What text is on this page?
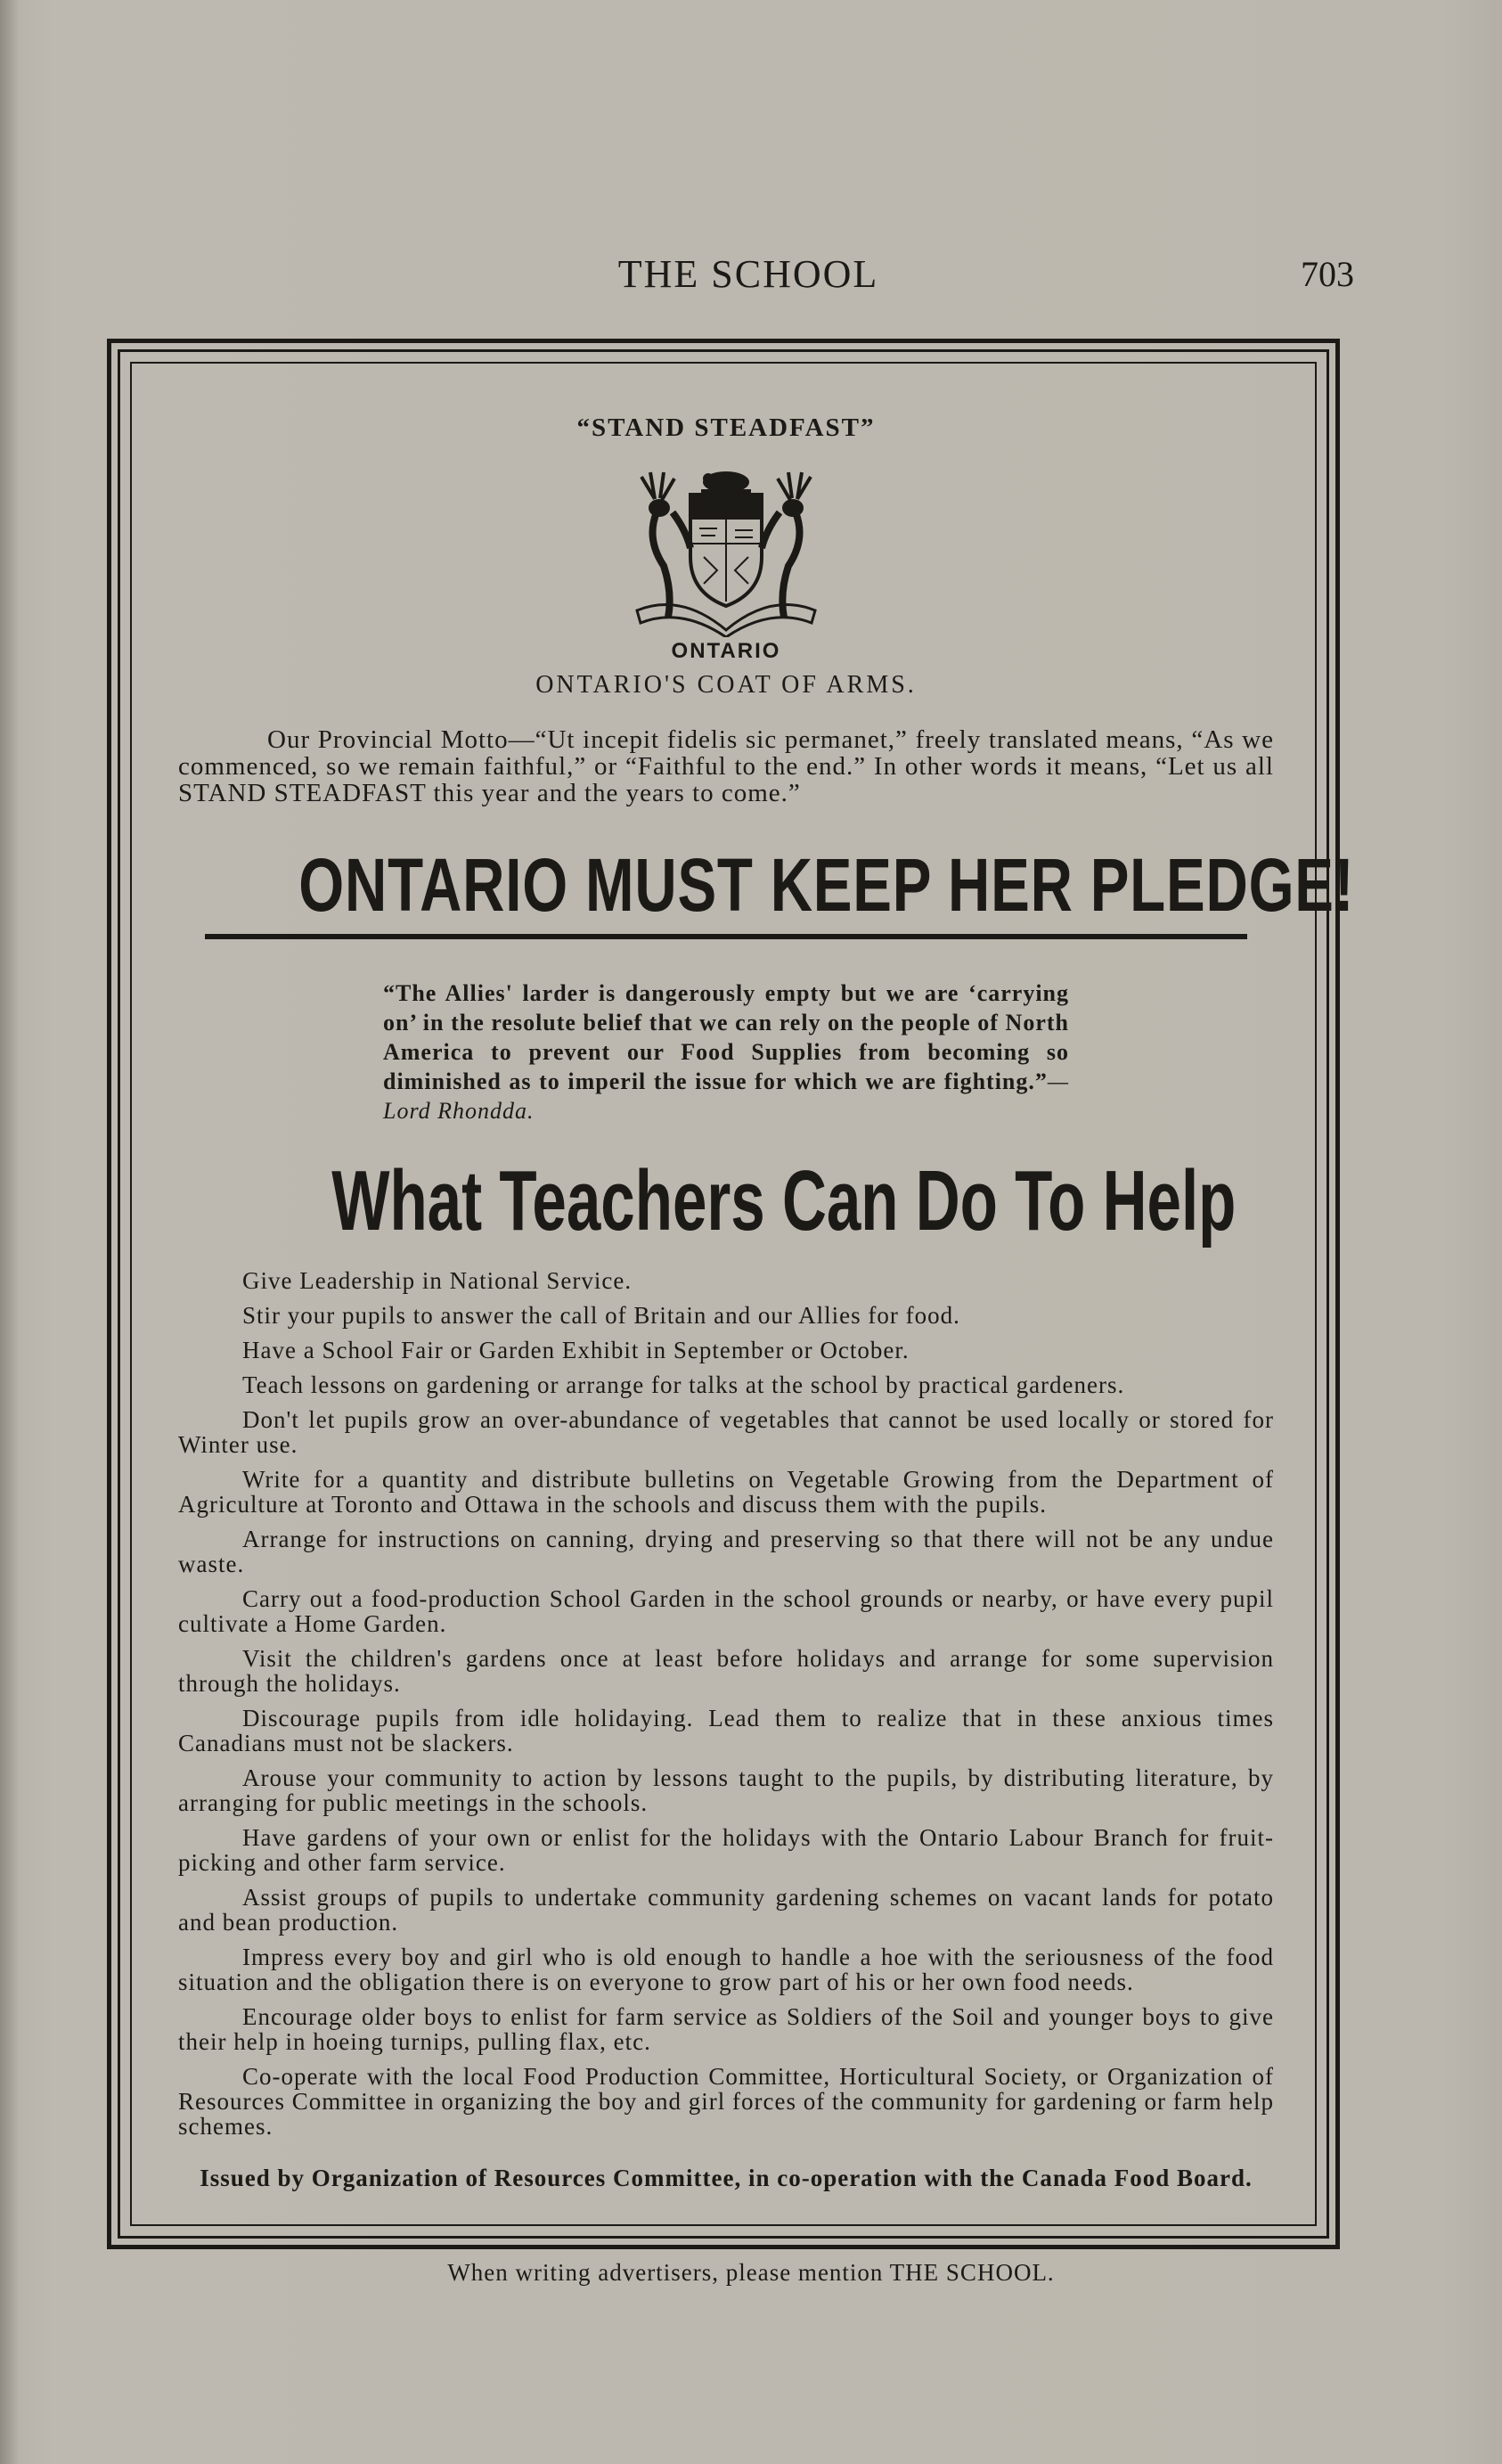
THE SCHOOL	703
“STAND STEADFAST”
ONTARIO
ONTARIO'S COAT OF ARMS.
Our Provincial Motto—“Ut incepit fidelis sic permanet,” freely translated means, “As we commenced, so we remain faithful,” or “Faithful to the end.” In other words it means, “Let us all STAND STEADFAST this year and the years to come.”
ONTARIO MUST KEEP HER PLEDGE!
“The Allies' larder is dangerously empty but we are ‘carrying on’ in the resolute belief that we can rely on the people of North America to prevent our Food Supplies from becoming so diminished as to imperil the issue for which we are fighting.”—Lord Rhondda.
What Teachers Can Do To Help
Give Leadership in National Service.
Stir your pupils to answer the call of Britain and our Allies for food.
Have a School Fair or Garden Exhibit in September or October.
Teach lessons on gardening or arrange for talks at the school by practical gardeners.
Don't let pupils grow an over-abundance of vegetables that cannot be used locally or stored for Winter use.
Write for a quantity and distribute bulletins on Vegetable Growing from the Department of Agriculture at Toronto and Ottawa in the schools and discuss them with the pupils.
Arrange for instructions on canning, drying and preserving so that there will not be any undue waste.
Carry out a food-production School Garden in the school grounds or nearby, or have every pupil cultivate a Home Garden.
Visit the children's gardens once at least before holidays and arrange for some supervision through the holidays.
Discourage pupils from idle holidaying. Lead them to realize that in these anxious times Canadians must not be slackers.
Arouse your community to action by lessons taught to the pupils, by distributing literature, by arranging for public meetings in the schools.
Have gardens of your own or enlist for the holidays with the Ontario Labour Branch for fruit-picking and other farm service.
Assist groups of pupils to undertake community gardening schemes on vacant lands for potato and bean production.
Impress every boy and girl who is old enough to handle a hoe with the seriousness of the food situation and the obligation there is on everyone to grow part of his or her own food needs.
Encourage older boys to enlist for farm service as Soldiers of the Soil and younger boys to give their help in hoeing turnips, pulling flax, etc.
Co-operate with the local Food Production Committee, Horticultural Society, or Organization of Resources Committee in organizing the boy and girl forces of the community for gardening or farm help schemes.
Issued by Organization of Resources Committee, in co-operation with the Canada Food Board.
When writing advertisers, please mention THE SCHOOL.
